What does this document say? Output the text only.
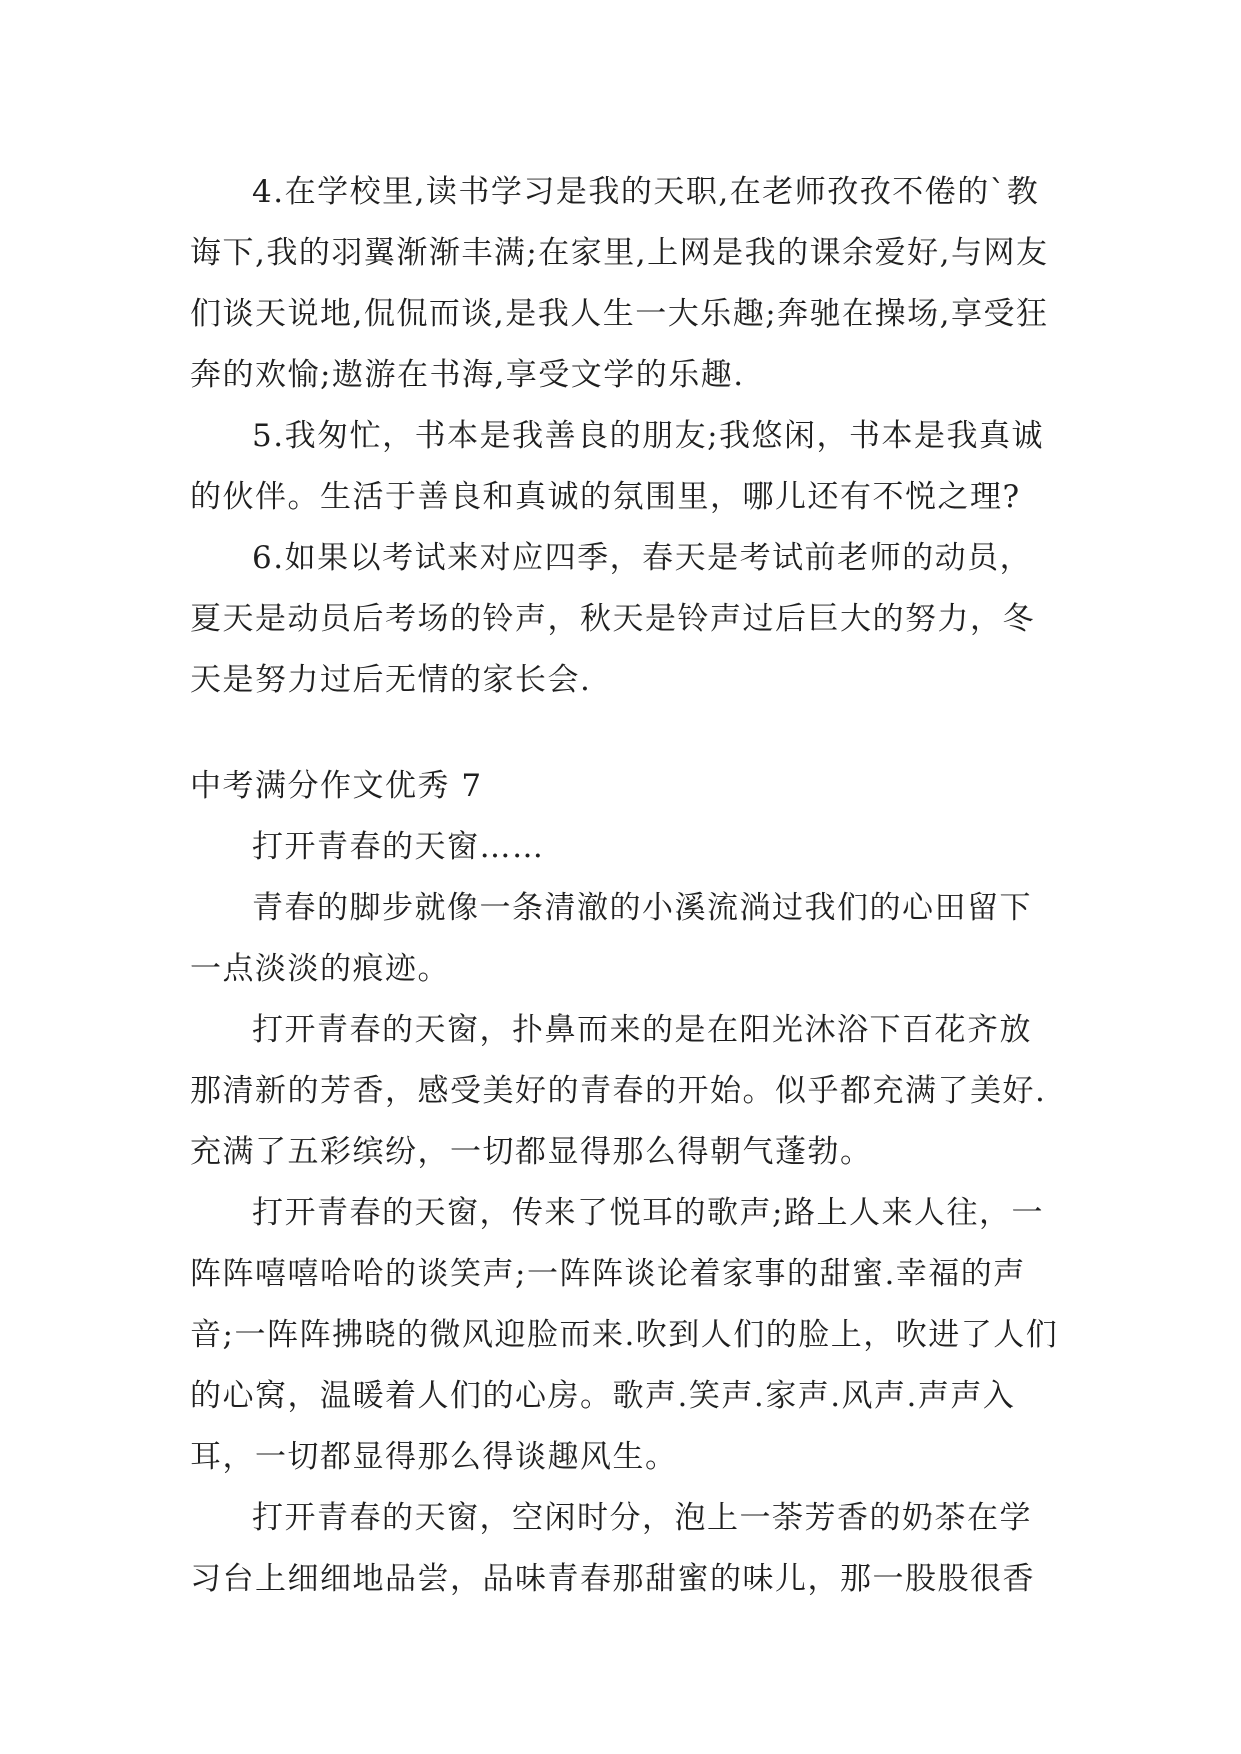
4.在学校里,读书学习是我的天职,在老师孜孜不倦的`教诲下,我的羽翼渐渐丰满;在家里,上网是我的课余爱好,与网友们谈天说地,侃侃而谈,是我人生一大乐趣;奔驰在操场,享受狂奔的欢愉;遨游在书海,享受文学的乐趣.

5.我匆忙，书本是我善良的朋友;我悠闲，书本是我真诚的伙伴。生活于善良和真诚的氛围里，哪儿还有不悦之理?

6.如果以考试来对应四季，春天是考试前老师的动员，夏天是动员后考场的铃声，秋天是铃声过后巨大的努力，冬天是努力过后无情的家长会.

中考满分作文优秀 7

打开青春的天窗……

青春的脚步就像一条清澈的小溪流淌过我们的心田留下一点淡淡的痕迹。

打开青春的天窗，扑鼻而来的是在阳光沐浴下百花齐放那清新的芳香，感受美好的青春的开始。似乎都充满了美好.充满了五彩缤纷，一切都显得那么得朝气蓬勃。

打开青春的天窗，传来了悦耳的歌声;路上人来人往，一阵阵嘻嘻哈哈的谈笑声;一阵阵谈论着家事的甜蜜.幸福的声音;一阵阵拂晓的微风迎脸而来.吹到人们的脸上，吹进了人们的心窝，温暖着人们的心房。歌声.笑声.家声.风声.声声入耳，一切都显得那么得谈趣风生。

打开青春的天窗，空闲时分，泡上一荼芳香的奶茶在学习台上细细地品尝，品味青春那甜蜜的味儿，那一股股很香
